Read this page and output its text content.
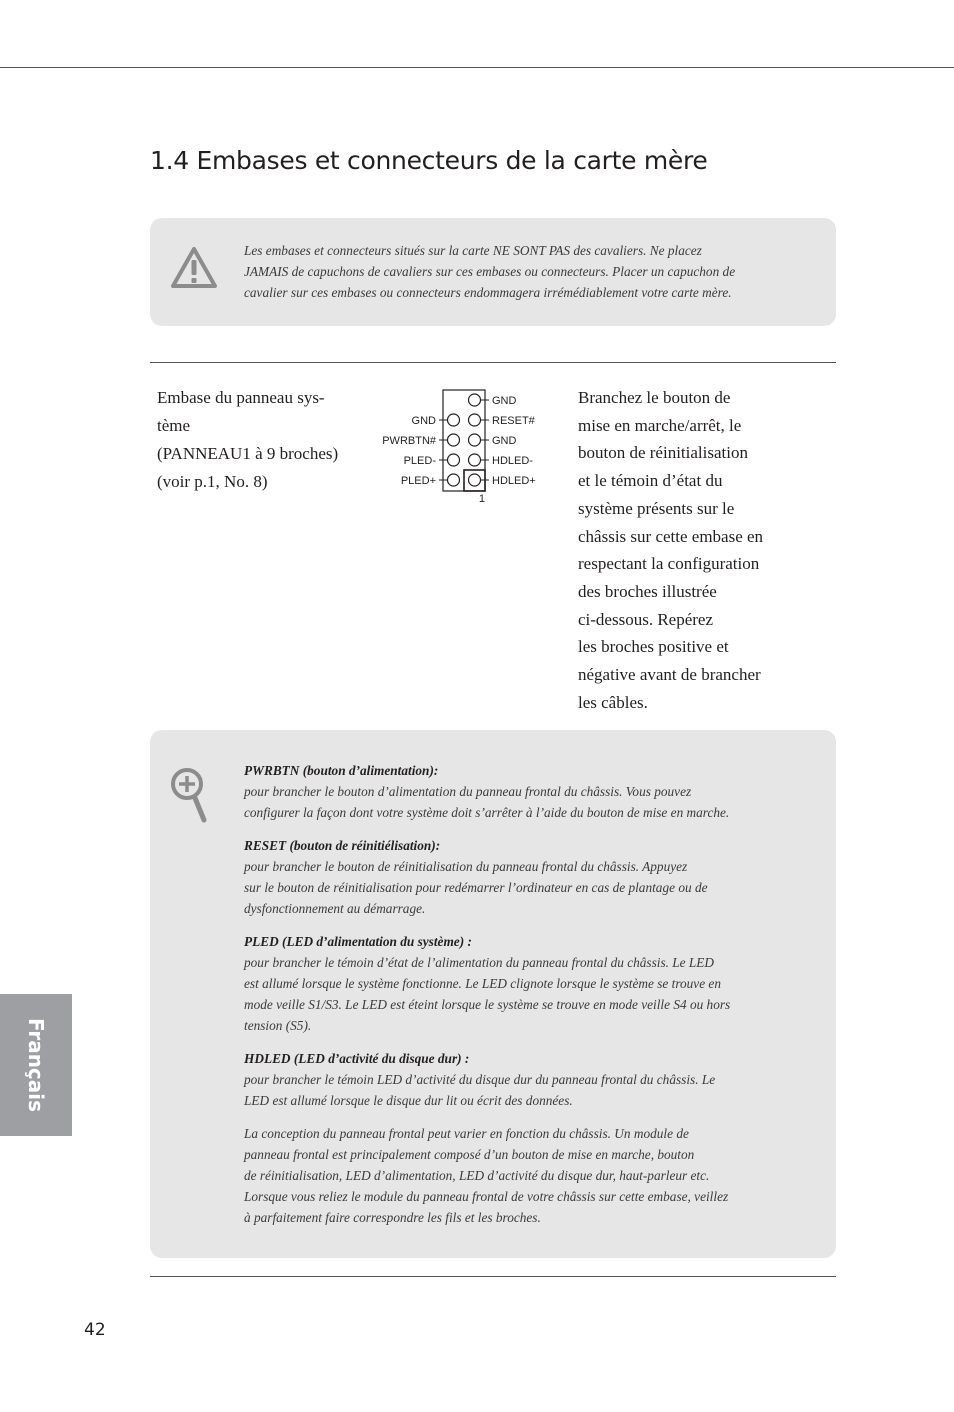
1.4 Embases et connecteurs de la carte mère
Les embases et connecteurs situés sur la carte NE SONT PAS des cavaliers. Ne placez
JAMAIS de capuchons de cavaliers sur ces embases ou connecteurs. Placer un capuchon de
cavalier sur ces embases ou connecteurs endommagera irrémédiablement votre carte mère.
Embase du panneau sys-
tème
(PANNEAU1 à 9 broches)
(voir p.1, No. 8)
GND
RESET#
GND
HDLED-
HDLED+
GND
PWRBTN#
PLED-
PLED+
1
Branchez le bouton de
mise en marche/arrêt, le
bouton de réinitialisation
et le témoin d’état du
système présents sur le
châssis sur cette embase en
respectant la configuration
des broches illustrée
ci-dessous. Repérez
les broches positive et
négative avant de brancher
les câbles.
PWRBTN (bouton d’alimentation):
pour brancher le bouton d’alimentation du panneau frontal du châssis. Vous pouvez
configurer la façon dont votre système doit s’arrêter à l’aide du bouton de mise en marche.
RESET (bouton de réinitiélisation):
pour brancher le bouton de réinitialisation du panneau frontal du châssis. Appuyez
sur le bouton de réinitialisation pour redémarrer l’ordinateur en cas de plantage ou de
dysfonctionnement au démarrage.
PLED (LED d’alimentation du système) :
pour brancher le témoin d’état de l’alimentation du panneau frontal du châssis. Le LED
est allumé lorsque le système fonctionne. Le LED clignote lorsque le système se trouve en
mode veille S1/S3. Le LED est éteint lorsque le système se trouve en mode veille S4 ou hors
tension (S5).
HDLED (LED d’activité du disque dur) :
pour brancher le témoin LED d’activité du disque dur du panneau frontal du châssis. Le
LED est allumé lorsque le disque dur lit ou écrit des données.
La conception du panneau frontal peut varier en fonction du châssis. Un module de
panneau frontal est principalement composé d’un bouton de mise en marche, bouton
de réinitialisation, LED d’alimentation, LED d’activité du disque dur, haut-parleur etc.
Lorsque vous reliez le module du panneau frontal de votre châssis sur cette embase, veillez
à parfaitement faire correspondre les fils et les broches.
Français
42
